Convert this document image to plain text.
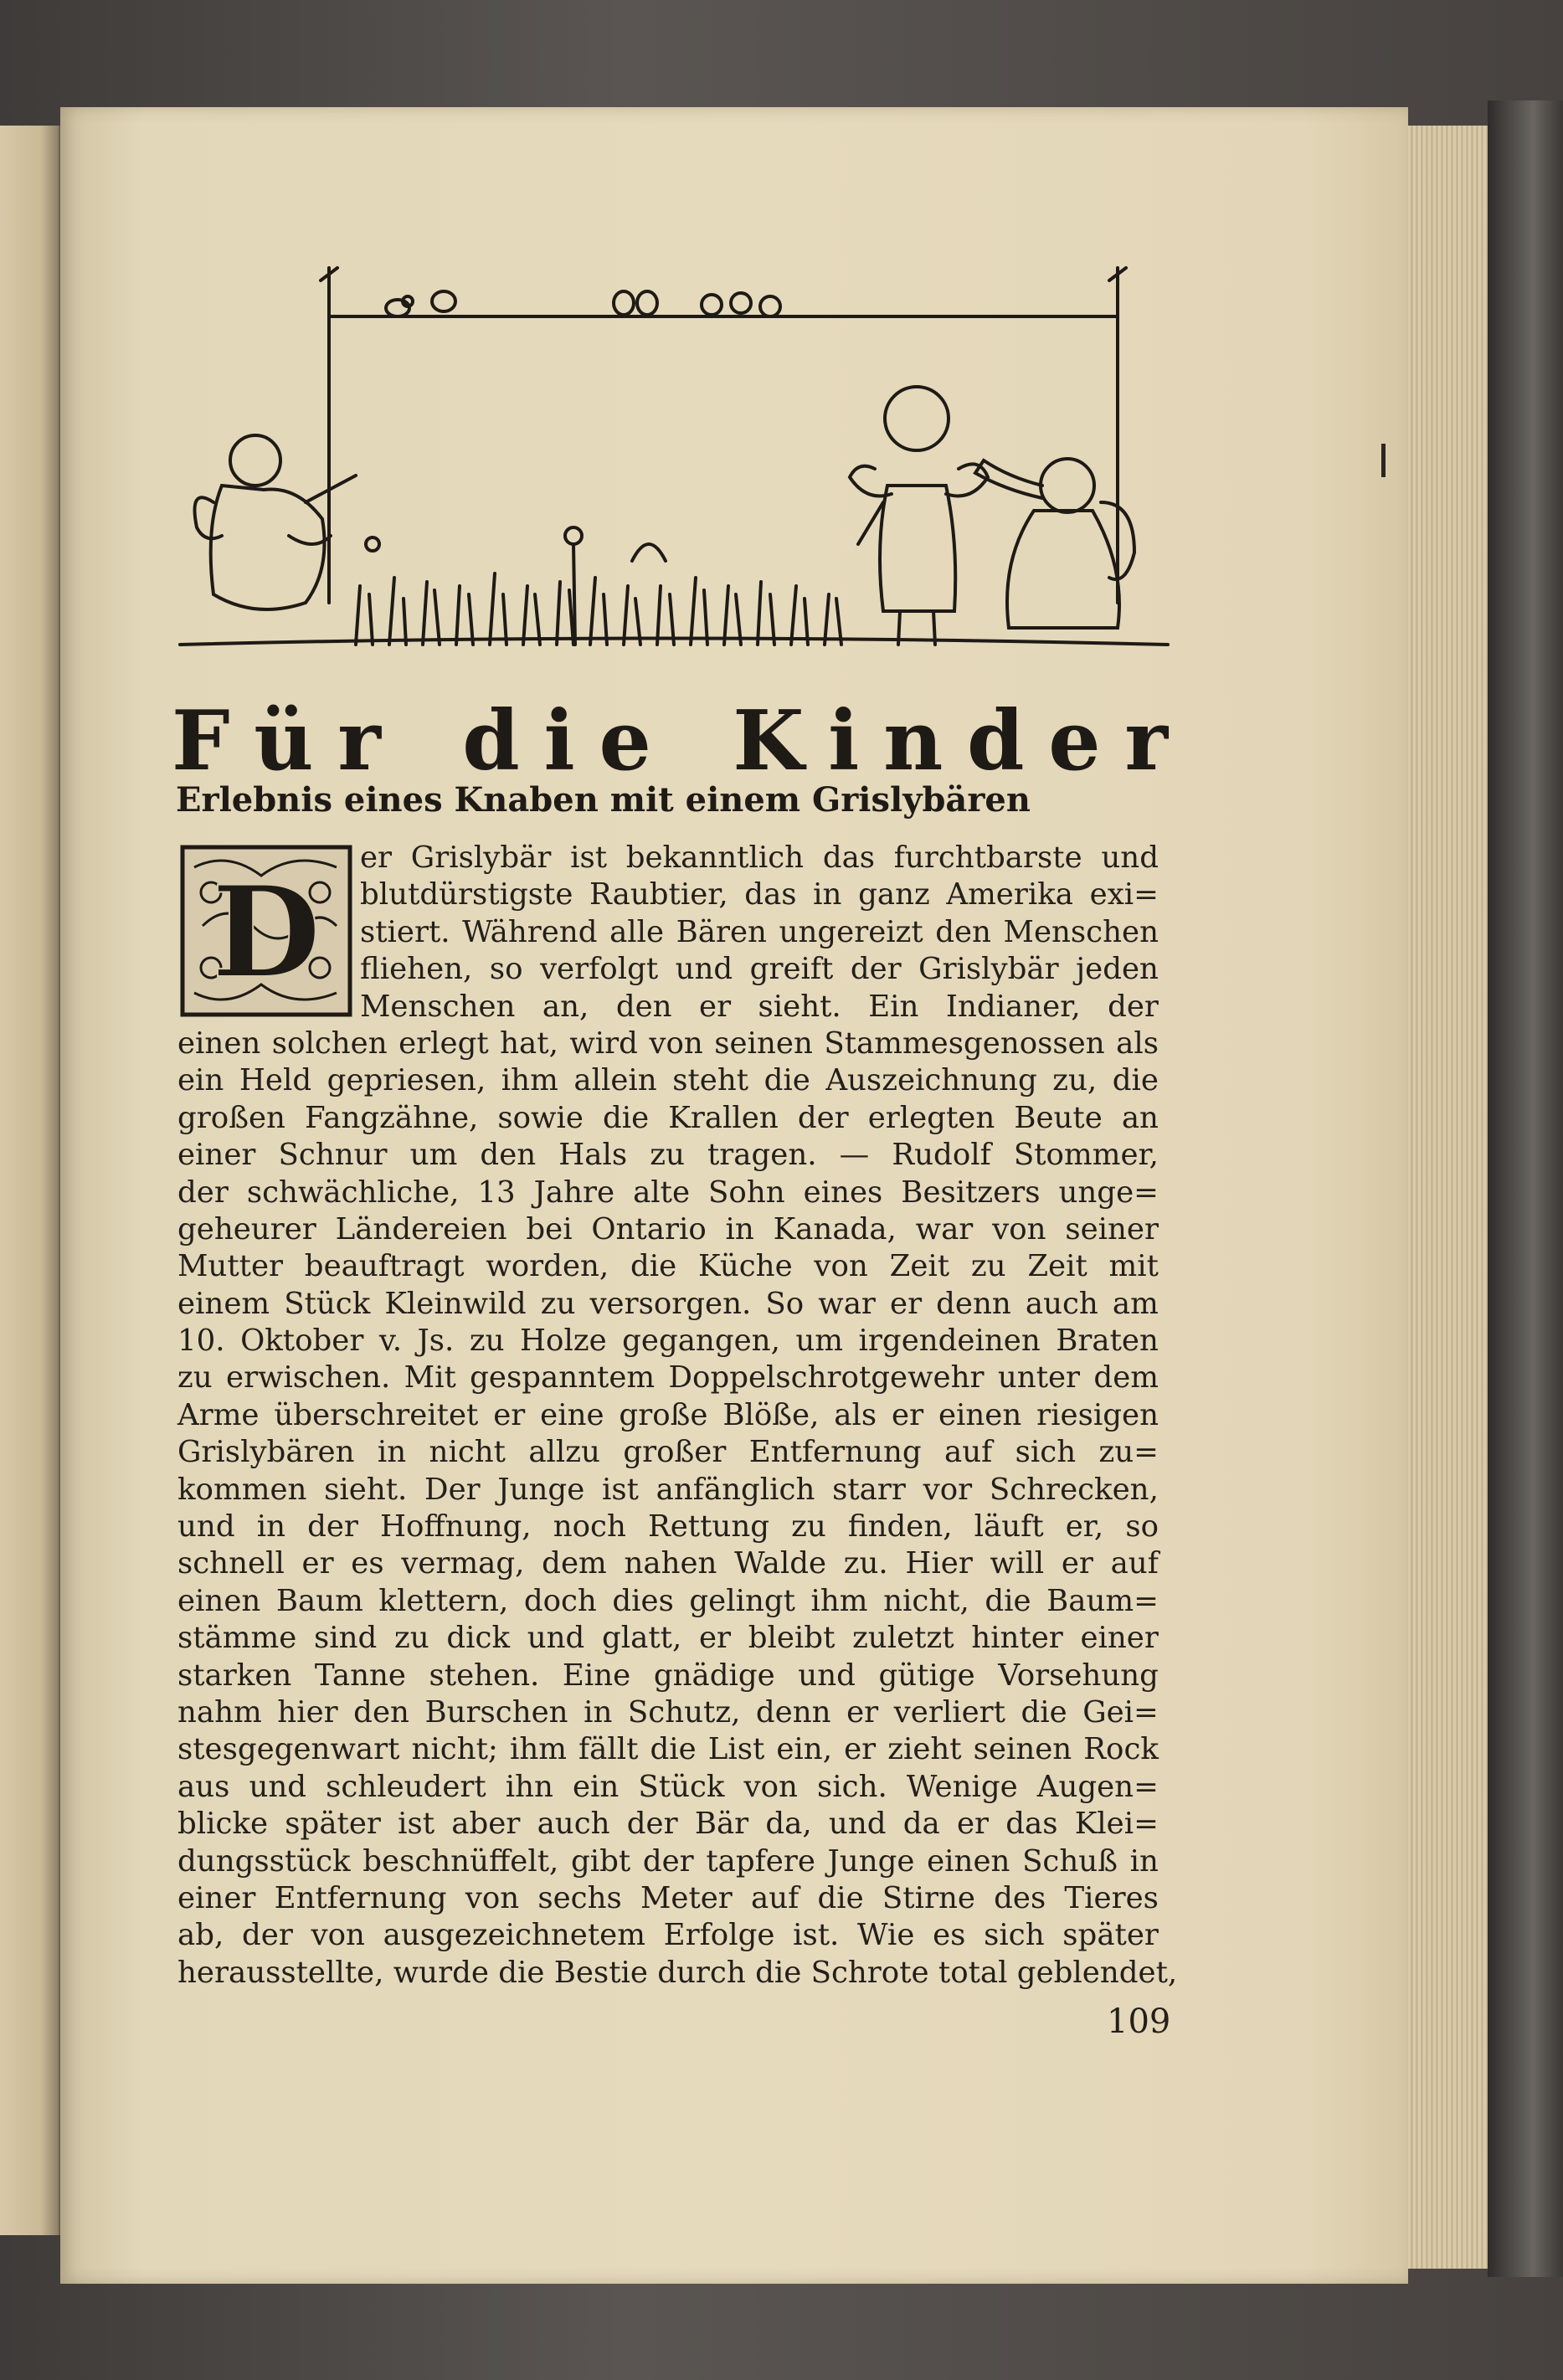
F ü r d i e K i n d e r
Erlebnis eines Knaben mit einem Grislybären
D
er Grislybär ist bekanntlich das furchtbarste und
blutdürstigste Raubtier, das in ganz Amerika exi=
stiert. Während alle Bären ungereizt den Menschen
fliehen, so verfolgt und greift der Grislybär jeden
Menschen an, den er sieht. Ein Indianer, der
einen solchen erlegt hat, wird von seinen Stammesgenossen als
ein Held gepriesen, ihm allein steht die Auszeichnung zu, die
großen Fangzähne, sowie die Krallen der erlegten Beute an
einer Schnur um den Hals zu tragen. — Rudolf Stommer,
der schwächliche, 13 Jahre alte Sohn eines Besitzers unge=
geheurer Ländereien bei Ontario in Kanada, war von seiner
Mutter beauftragt worden, die Küche von Zeit zu Zeit mit
einem Stück Kleinwild zu versorgen. So war er denn auch am
10. Oktober v. Js. zu Holze gegangen, um irgendeinen Braten
zu erwischen. Mit gespanntem Doppelschrotgewehr unter dem
Arme überschreitet er eine große Blöße, als er einen riesigen
Grislybären in nicht allzu großer Entfernung auf sich zu=
kommen sieht. Der Junge ist anfänglich starr vor Schrecken,
und in der Hoffnung, noch Rettung zu finden, läuft er, so
schnell er es vermag, dem nahen Walde zu. Hier will er auf
einen Baum klettern, doch dies gelingt ihm nicht, die Baum=
stämme sind zu dick und glatt, er bleibt zuletzt hinter einer
starken Tanne stehen. Eine gnädige und gütige Vorsehung
nahm hier den Burschen in Schutz, denn er verliert die Gei=
stesgegenwart nicht; ihm fällt die List ein, er zieht seinen Rock
aus und schleudert ihn ein Stück von sich. Wenige Augen=
blicke später ist aber auch der Bär da, und da er das Klei=
dungsstück beschnüffelt, gibt der tapfere Junge einen Schuß in
einer Entfernung von sechs Meter auf die Stirne des Tieres
ab, der von ausgezeichnetem Erfolge ist. Wie es sich später
herausstellte, wurde die Bestie durch die Schrote total geblendet,
109
